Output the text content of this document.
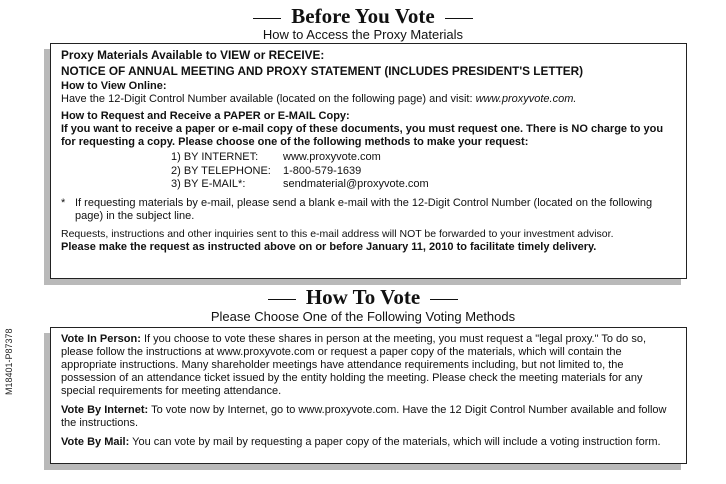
Before You Vote
How to Access the Proxy Materials
Proxy Materials Available to VIEW or RECEIVE:
NOTICE OF ANNUAL MEETING AND PROXY STATEMENT (INCLUDES PRESIDENT'S LETTER)
How to View Online:
Have the 12-Digit Control Number available (located on the following page) and visit: www.proxyvote.com.
How to Request and Receive a PAPER or E-MAIL Copy:
If you want to receive a paper or e-mail copy of these documents, you must request one. There is NO charge to you for requesting a copy. Please choose one of the following methods to make your request:
1) BY INTERNET: www.proxyvote.com
2) BY TELEPHONE: 1-800-579-1639
3) BY E-MAIL*:	sendmaterial@proxyvote.com
* If requesting materials by e-mail, please send a blank e-mail with the 12-Digit Control Number (located on the following page) in the subject line.
Requests, instructions and other inquiries sent to this e-mail address will NOT be forwarded to your investment advisor.
Please make the request as instructed above on or before January 11, 2010 to facilitate timely delivery.
How To Vote
Please Choose One of the Following Voting Methods
Vote In Person: If you choose to vote these shares in person at the meeting, you must request a "legal proxy." To do so, please follow the instructions at www.proxyvote.com or request a paper copy of the materials, which will contain the appropriate instructions. Many shareholder meetings have attendance requirements including, but not limited to, the possession of an attendance ticket issued by the entity holding the meeting. Please check the meeting materials for any special requirements for meeting attendance.
Vote By Internet: To vote now by Internet, go to www.proxyvote.com. Have the 12 Digit Control Number available and follow the instructions.
Vote By Mail: You can vote by mail by requesting a paper copy of the materials, which will include a voting instruction form.
M18401-P87378
